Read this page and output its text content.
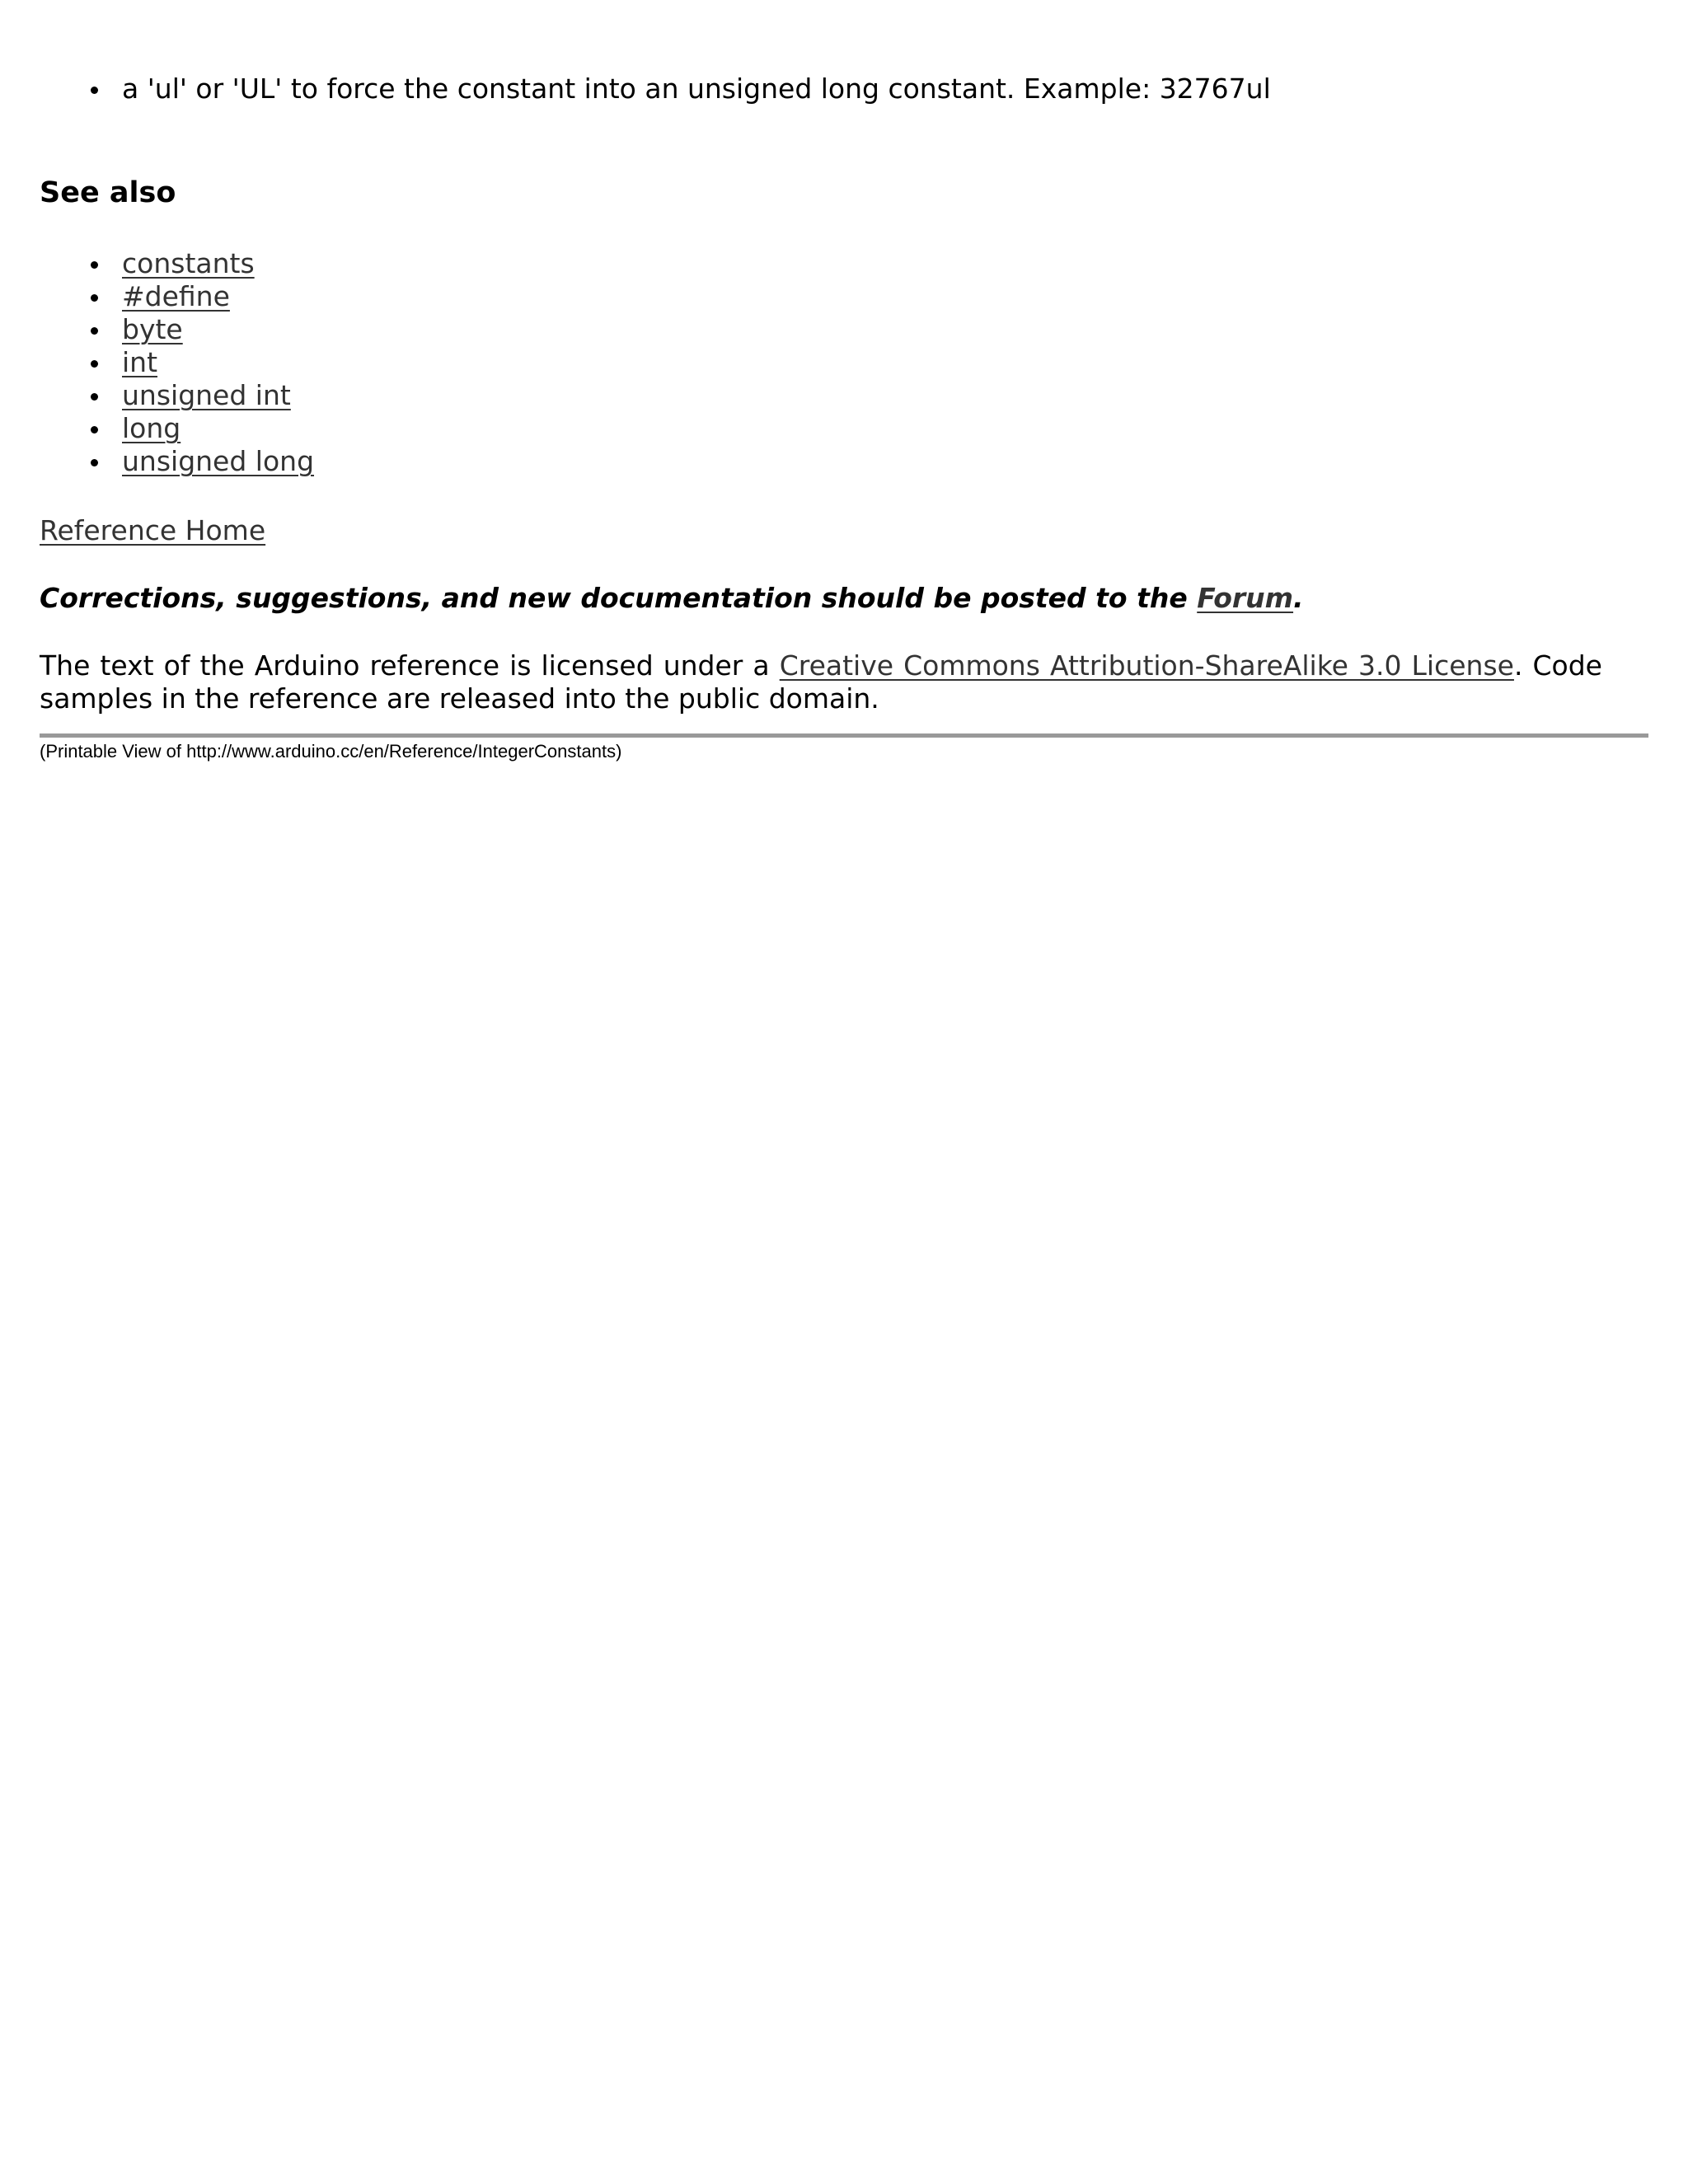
a 'ul' or 'UL' to force the constant into an unsigned long constant. Example: 32767ul
See also
constants
#define
byte
int
unsigned int
long
unsigned long
Reference Home
Corrections, suggestions, and new documentation should be posted to the Forum.
The text of the Arduino reference is licensed under a Creative Commons Attribution-ShareAlike 3.0 License. Code samples in the reference are released into the public domain.
(Printable View of http://www.arduino.cc/en/Reference/IntegerConstants)
